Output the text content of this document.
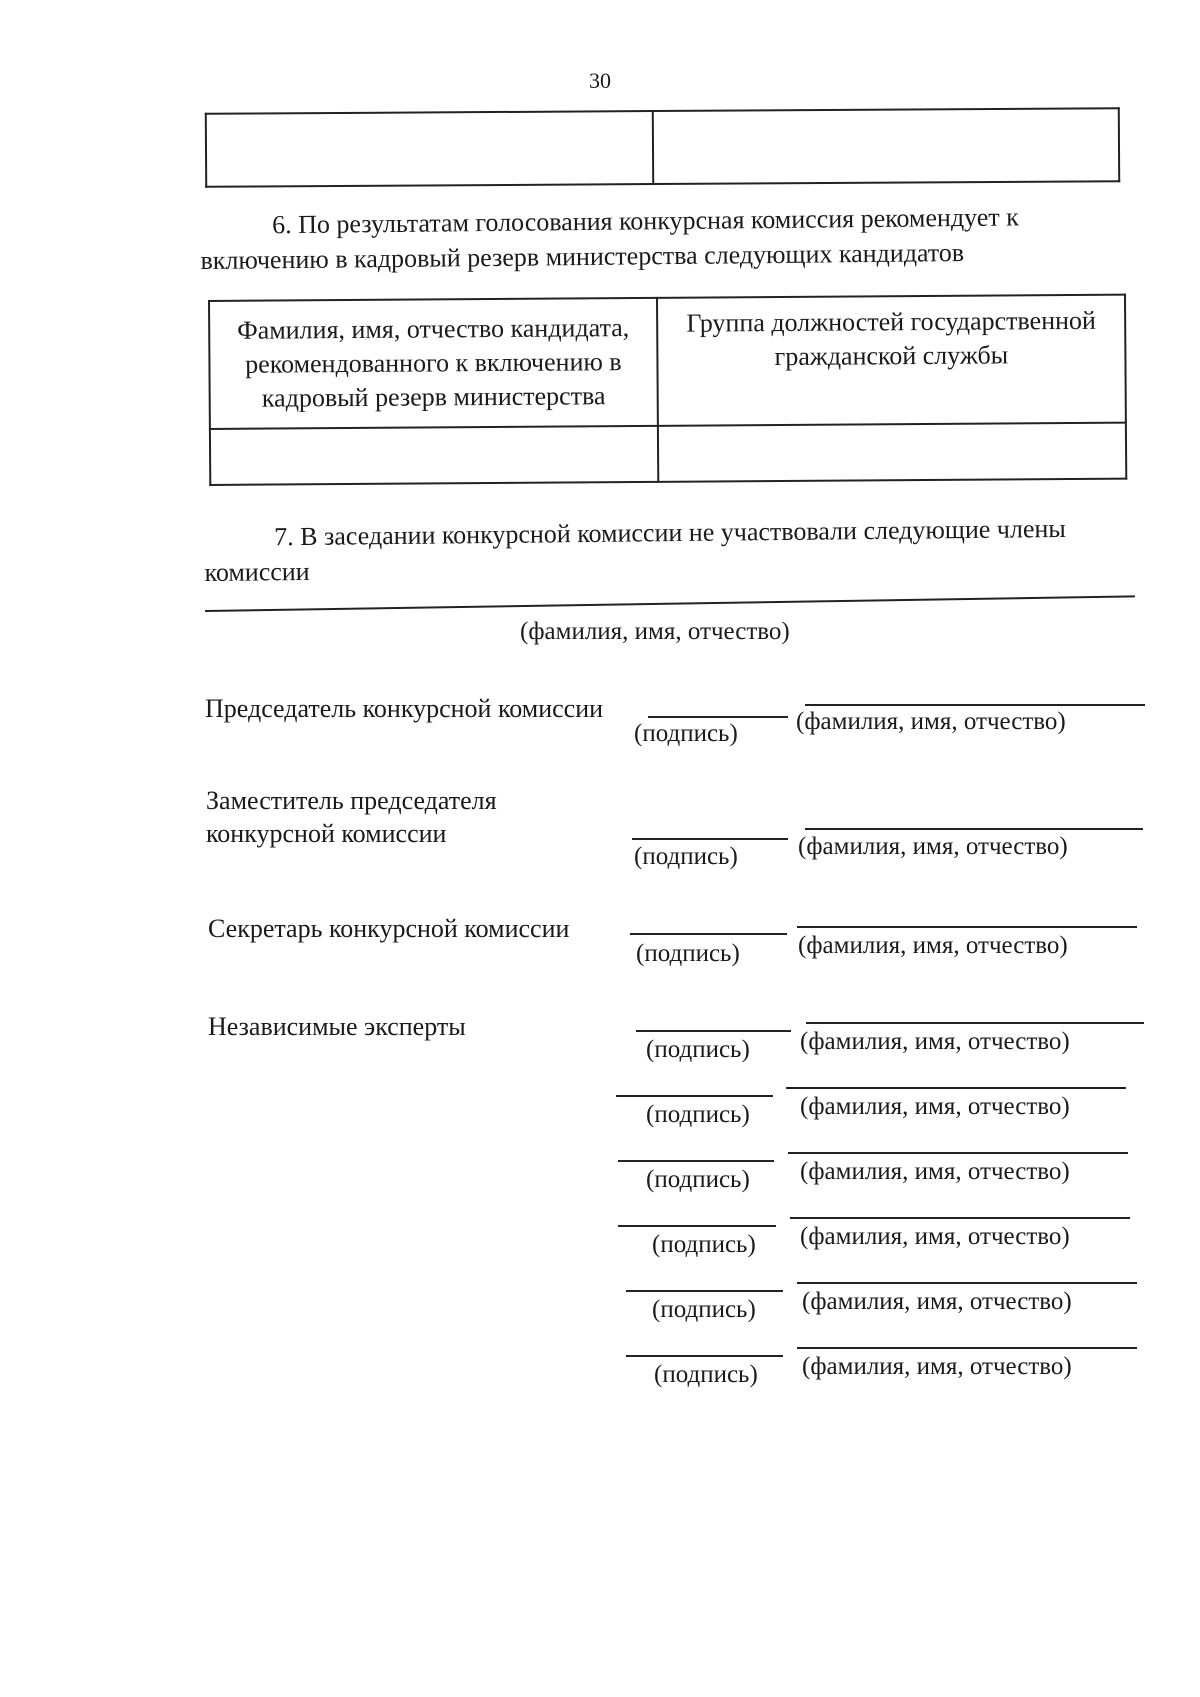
30

6. По результатам голосования конкурсная комиссия рекомендует к
включению в кадровый резерв министерства следующих кандидатов
Фамилия, имя, отчество кандидата, рекомендованного к включению в кадровый резерв министерства	Группа должностей государственной гражданской службы

7. В заседании конкурсной комиссии не участвовали следующие члены
комиссии
(фамилия, имя, отчество)
Председатель конкурсной комиссии
(подпись) (фамилия, имя, отчество)
Заместитель председателя
конкурсной комиссии
(подпись) (фамилия, имя, отчество)
Секретарь конкурсной комиссии
(подпись) (фамилия, имя, отчество)
Независимые эксперты
(подпись) (фамилия, имя, отчество)
(подпись) (фамилия, имя, отчество)
(подпись) (фамилия, имя, отчество)
(подпись) (фамилия, имя, отчество)
(подпись) (фамилия, имя, отчество)
(подпись) (фамилия, имя, отчество)
